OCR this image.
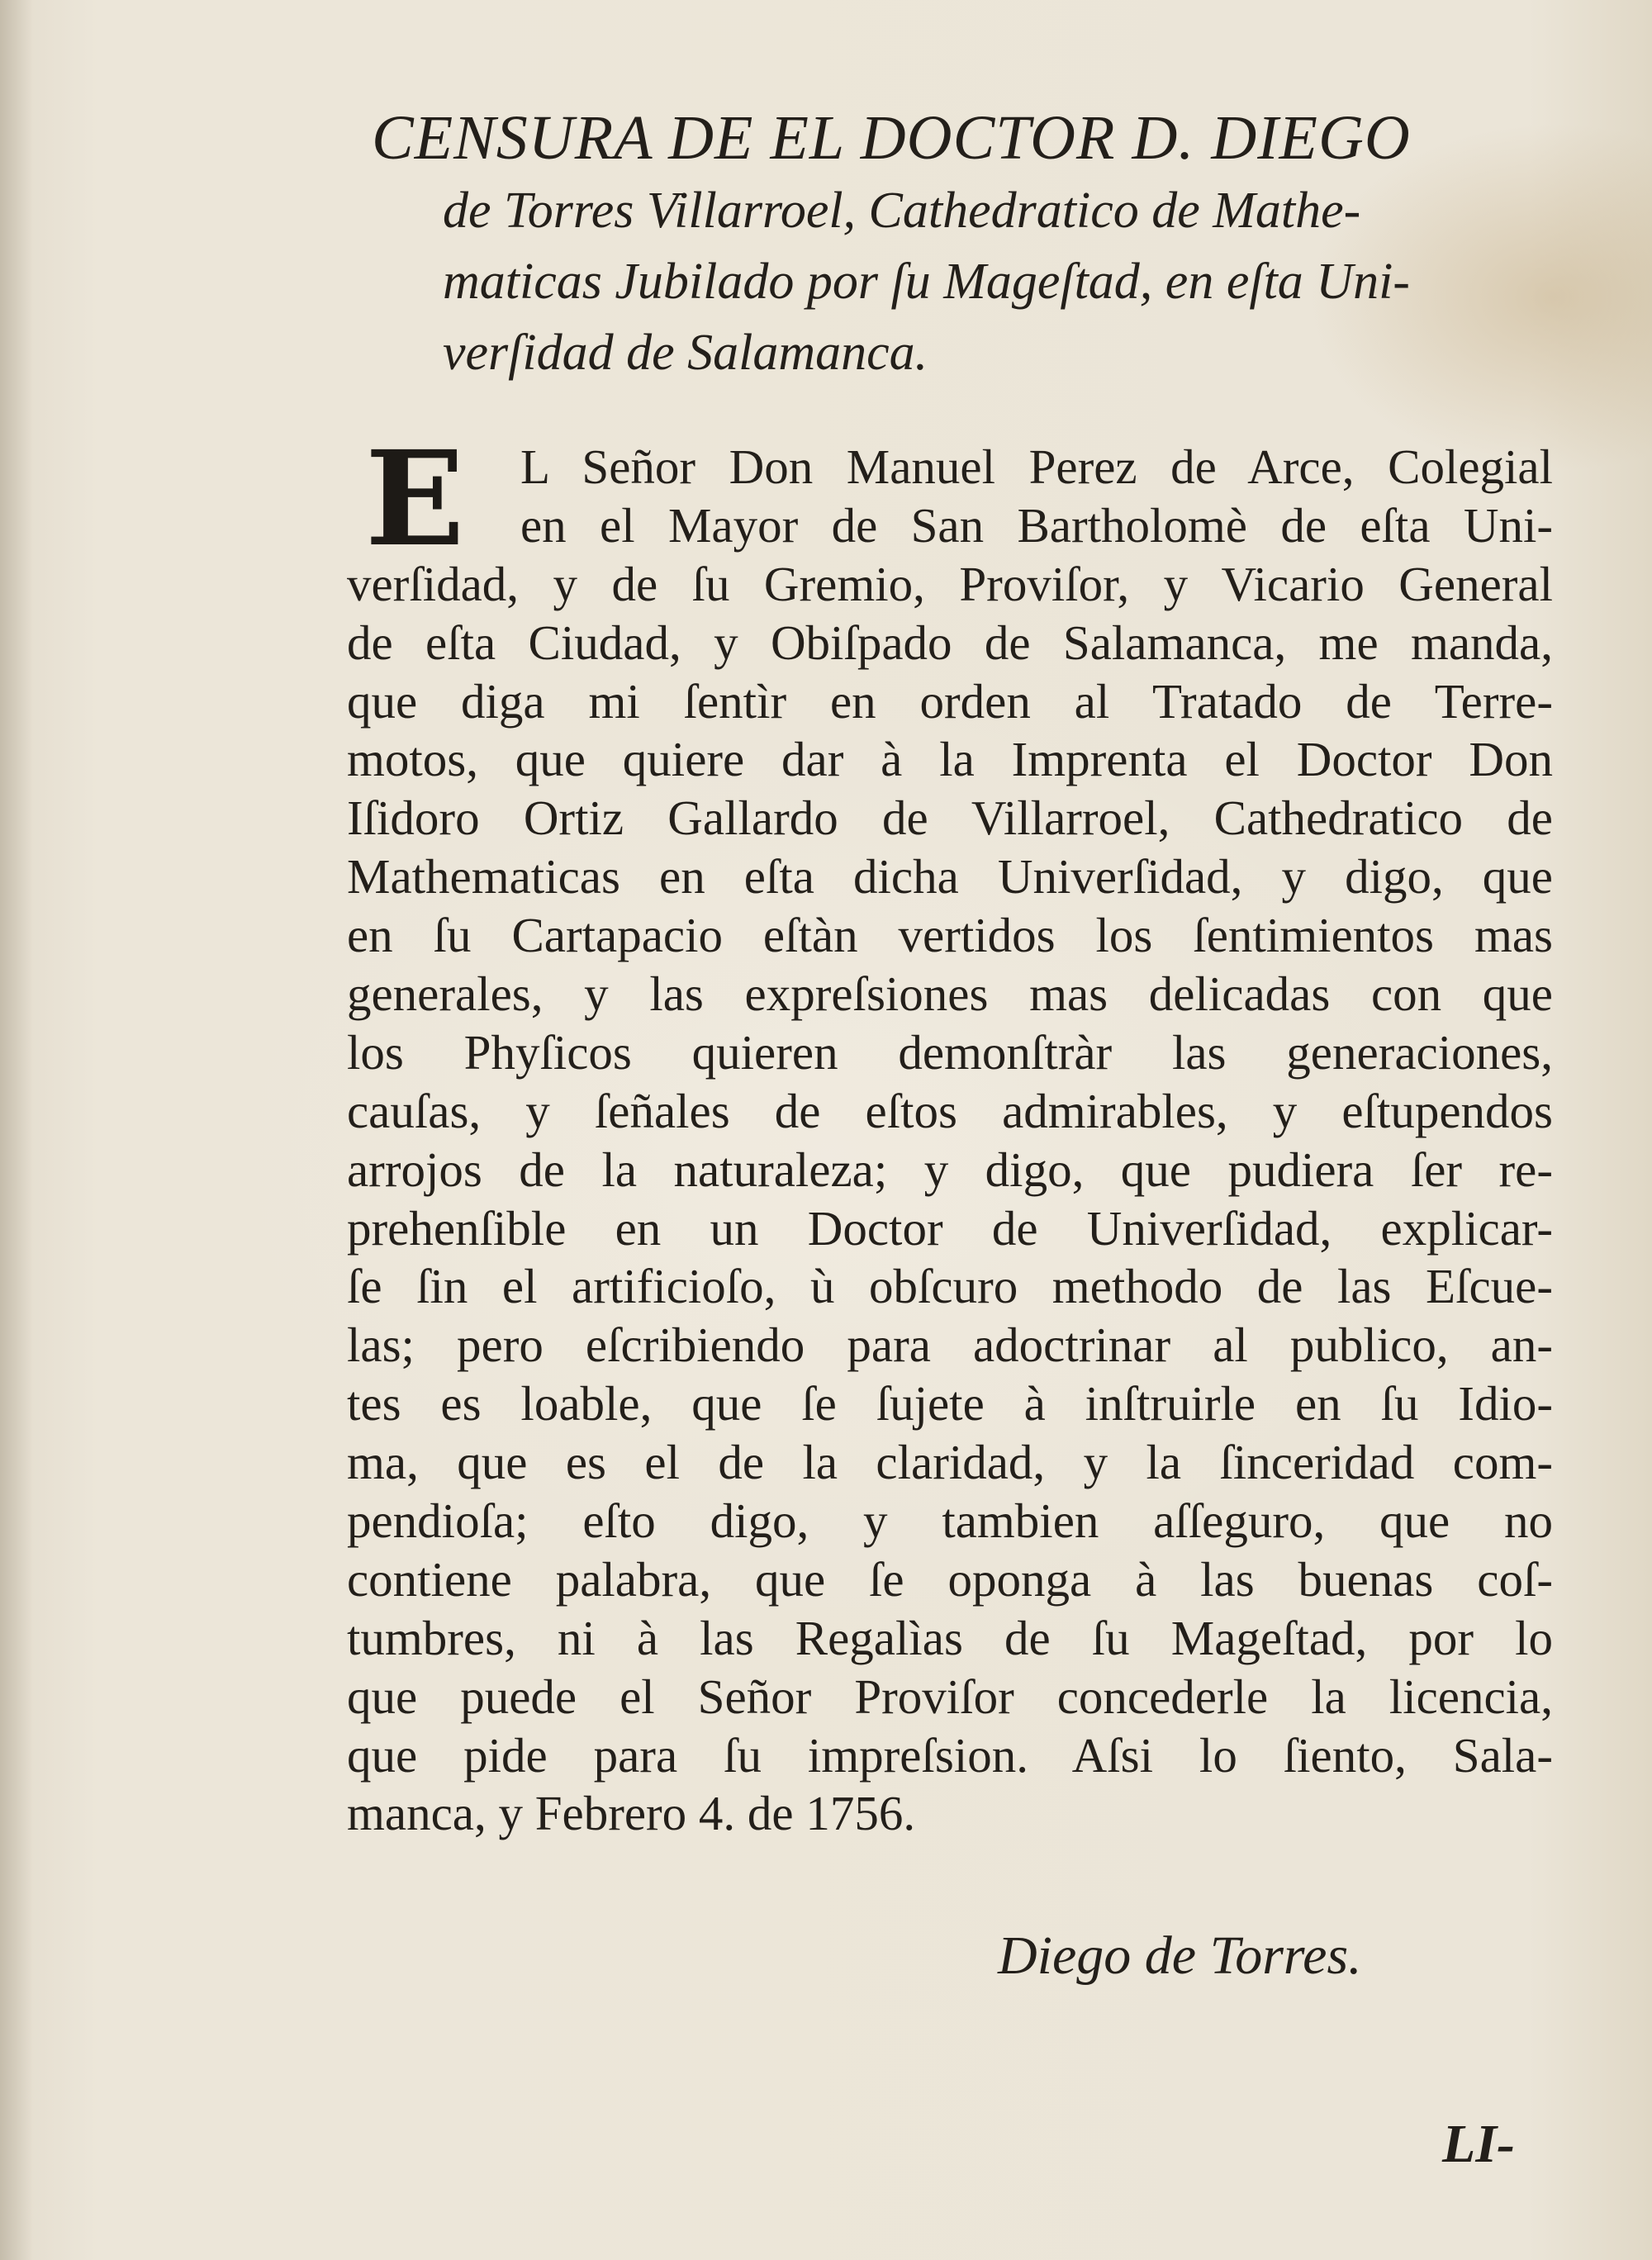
CENSURA DE EL DOCTOR D. DIEGO
de Torres Villarroel, Cathedratico de Mathe-
maticas Jubilado por ſu Mageſtad, en eſta Uni-
verſidad de Salamanca.
E	L Señor Don Manuel Perez de Arce, Colegial
en el Mayor de San Bartholomè de eſta Uni-
verſidad, y de ſu Gremio, Proviſor, y Vicario General
de eſta Ciudad, y Obiſpado de Salamanca, me manda,
que diga mi ſentìr en orden al Tratado de Terre-
motos, que quiere dar à la Imprenta el Doctor Don
Iſidoro Ortiz Gallardo de Villarroel, Cathedratico de
Mathematicas en eſta dicha Univerſidad, y digo, que
en ſu Cartapacio eſtàn vertidos los ſentimientos mas
generales, y las expreſsiones mas delicadas con que
los Phyſicos quieren demonſtràr las generaciones,
cauſas, y ſeñales de eſtos admirables, y eſtupendos
arrojos de la naturaleza; y digo, que pudiera ſer re-
prehenſible en un Doctor de Univerſidad, explicar-
ſe ſin el artificioſo, ù obſcuro methodo de las Eſcue-
las; pero eſcribiendo para adoctrinar al publico, an-
tes es loable, que ſe ſujete à inſtruirle en ſu Idio-
ma, que es el de la claridad, y la ſinceridad com-
pendioſa; eſto digo, y tambien aſſeguro, que no
contiene palabra, que ſe oponga à las buenas coſ-
tumbres, ni à las Regalìas de ſu Mageſtad, por lo
que puede el Señor Proviſor concederle la licencia,
que pide para ſu impreſsion. Aſsi lo ſiento, Sala-
manca, y Febrero 4. de 1756.
Diego de Torres.
LI-
